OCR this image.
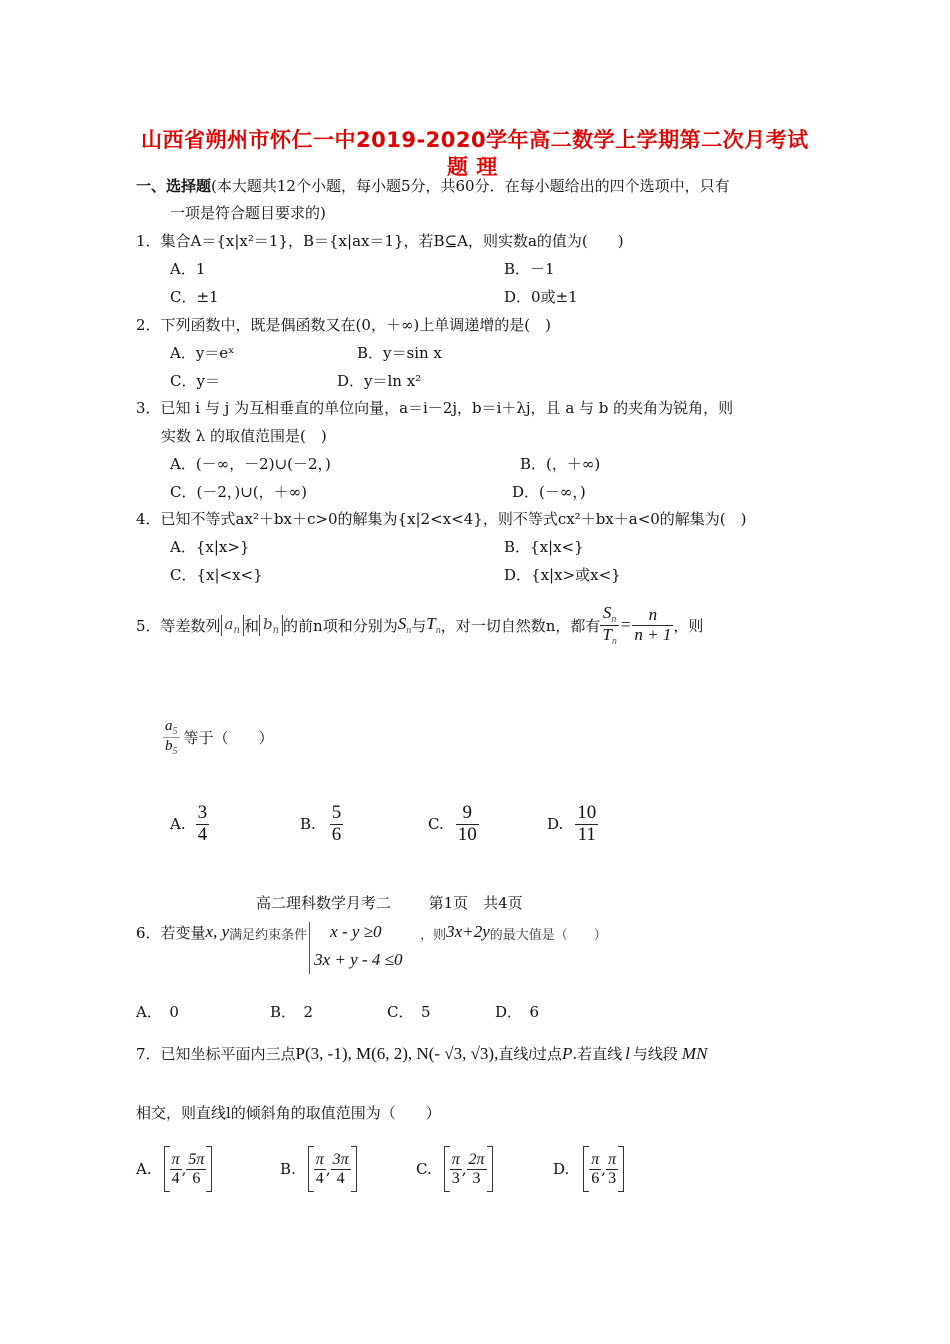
山西省朔州市怀仁一中2019-2020学年高二数学上学期第二次月考试
题 理
一、选择题(本大题共12个小题，每小题5分，共60分．在每小题给出的四个选项中，只有
一项是符合题目要求的)
1．集合A＝{x|x²＝1}，B＝{x|ax＝1}，若B⊆A，则实数a的值为(　　)
A．1	B．－1
C．±1	D．0或±1
2．下列函数中，既是偶函数又在(0，＋∞)上单调递增的是(　)
A．y＝eˣ	B．y＝sin x
C．y＝	D．y＝ln x²
3．已知 i 与 j 为互相垂直的单位向量，a＝i－2j，b＝i＋λj，且 a 与 b 的夹角为锐角，则
实数 λ 的取值范围是(　)
A．(－∞，－2)∪(－2，)	B．(，＋∞)
C．(－2，)∪(，＋∞)	D．(－∞，)
4．已知不等式ax²＋bx＋c>0的解集为{x|2<x<4}，则不等式cx²＋bx＋a<0的解集为(　)
A．{x|x>}	B．{x|x<}
C．{x|<x<}	D．{x|x>或x<}
5．等差数列 $a_n$ 和 $b_n$ 的前n项和分别为 $S_n$ 与 $T_n$ ，对一切自然数n，都有 $\frac{S_n}{T_n} = \frac{n}{n + 1}$ ，则
$\frac{a_5}{b_5}$ 等于（　　）
A. $\frac{3}{4}$	B. $\frac{5}{6}$	C. $\frac{9}{10}$	D. $\frac{10}{11}$
高二理科数学月考二	第1页　共4页
6．若变量 x, y 满足约束条件 x - y ≥0
3x + y - 4 ≤0
，则 3x+2y 的最大值是（　　）
A．　0	B．　2	C．　5	D．　6
7．已知坐标平面内三点 P(3, -1), M(6, 2), N(- √3, √3), 直线 l 过点 P .若直线 l 与线段 MN
相交，则直线l的倾斜角的取值范围为（　　）
A. $\frac{\pi}{4}$ , $\frac{5\pi}{6}$	B. $\frac{\pi}{4}$ , $\frac{3\pi}{4}$	C. $\frac{\pi}{3}$ , $\frac{2\pi}{3}$	D. $\frac{\pi}{6}$ , $\frac{\pi}{3}$
